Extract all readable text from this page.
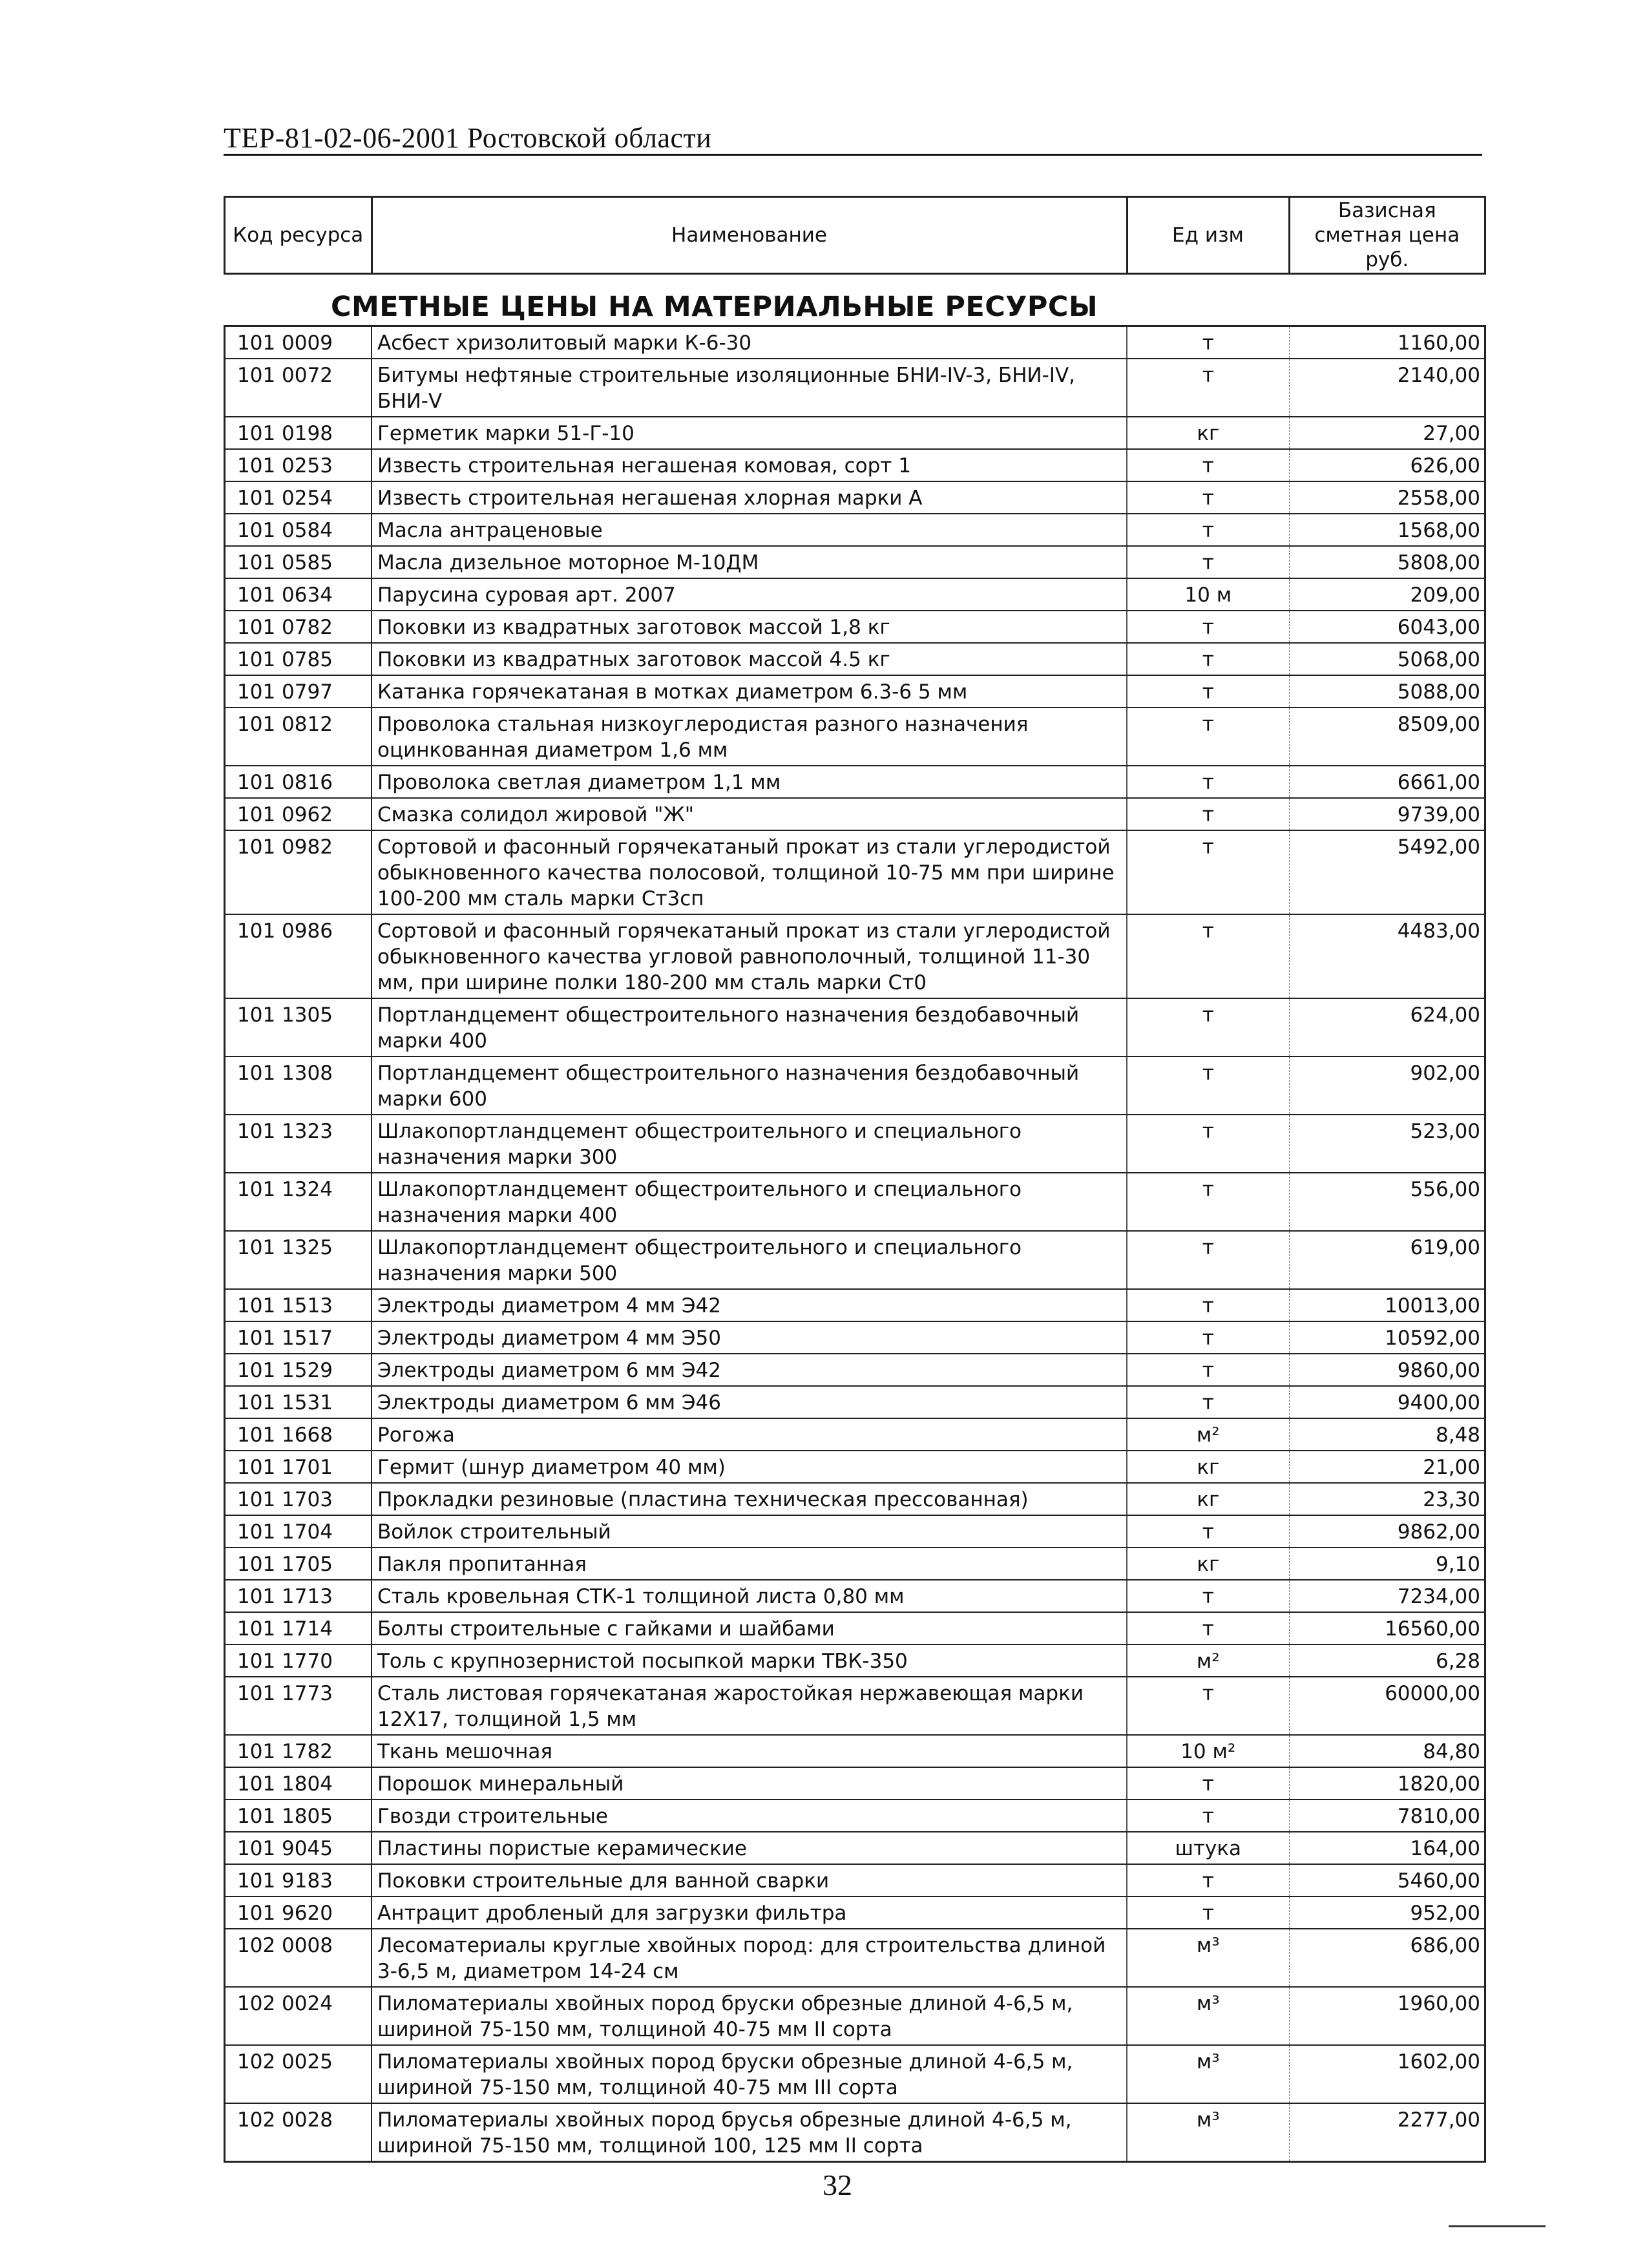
ТЕР-81-02-06-2001 Ростовской области
Код ресурса	Наименование	Ед изм	Базисная сметная цена руб.
СМЕТНЫЕ ЦЕНЫ НА МАТЕРИАЛЬНЫЕ РЕСУРСЫ
101 0009	Асбест хризолитовый марки К-6-30	т	1160,00
101 0072	Битумы нефтяные строительные изоляционные БНИ-IV-3, БНИ-IV, БНИ-V	т	2140,00
101 0198	Герметик марки 51-Г-10	кг	27,00
101 0253	Известь строительная негашеная комовая, сорт 1	т	626,00
101 0254	Известь строительная негашеная хлорная марки А	т	2558,00
101 0584	Масла антраценовые	т	1568,00
101 0585	Масла дизельное моторное М-10ДМ	т	5808,00
101 0634	Парусина суровая арт. 2007	10 м	209,00
101 0782	Поковки из квадратных заготовок массой 1,8 кг	т	6043,00
101 0785	Поковки из квадратных заготовок массой 4.5 кг	т	5068,00
101 0797	Катанка горячекатаная в мотках диаметром 6.3-6 5 мм	т	5088,00
101 0812	Проволока стальная низкоуглеродистая разного назначения оцинкованная диаметром 1,6 мм	т	8509,00
101 0816	Проволока светлая диаметром 1,1 мм	т	6661,00
101 0962	Смазка солидол жировой "Ж"	т	9739,00
101 0982	Сортовой и фасонный горячекатаный прокат из стали углеродистой обыкновенного качества полосовой, толщиной 10-75 мм при ширине 100-200 мм сталь марки Ст3сп	т	5492,00
101 0986	Сортовой и фасонный горячекатаный прокат из стали углеродистой обыкновенного качества угловой равнополочный, толщиной 11-30 мм, при ширине полки 180-200 мм сталь марки Ст0	т	4483,00
101 1305	Портландцемент общестроительного назначения бездобавочный марки 400	т	624,00
101 1308	Портландцемент общестроительного назначения бездобавочный марки 600	т	902,00
101 1323	Шлакопортландцемент общестроительного и специального назначения марки 300	т	523,00
101 1324	Шлакопортландцемент общестроительного и специального назначения марки 400	т	556,00
101 1325	Шлакопортландцемент общестроительного и специального назначения марки 500	т	619,00
101 1513	Электроды диаметром 4 мм Э42	т	10013,00
101 1517	Электроды диаметром 4 мм Э50	т	10592,00
101 1529	Электроды диаметром 6 мм Э42	т	9860,00
101 1531	Электроды диаметром 6 мм Э46	т	9400,00
101 1668	Рогожа	м²	8,48
101 1701	Гермит (шнур диаметром 40 мм)	кг	21,00
101 1703	Прокладки резиновые (пластина техническая прессованная)	кг	23,30
101 1704	Войлок строительный	т	9862,00
101 1705	Пакля пропитанная	кг	9,10
101 1713	Сталь кровельная СТК-1 толщиной листа 0,80 мм	т	7234,00
101 1714	Болты строительные с гайками и шайбами	т	16560,00
101 1770	Толь с крупнозернистой посыпкой марки ТВК-350	м²	6,28
101 1773	Сталь листовая горячекатаная жаростойкая нержавеющая марки 12Х17, толщиной 1,5 мм	т	60000,00
101 1782	Ткань мешочная	10 м²	84,80
101 1804	Порошок минеральный	т	1820,00
101 1805	Гвозди строительные	т	7810,00
101 9045	Пластины пористые керамические	штука	164,00
101 9183	Поковки строительные для ванной сварки	т	5460,00
101 9620	Антрацит дробленый для загрузки фильтра	т	952,00
102 0008	Лесоматериалы круглые хвойных пород: для строительства длиной 3-6,5 м, диаметром 14-24 см	м³	686,00
102 0024	Пиломатериалы хвойных пород бруски обрезные длиной 4-6,5 м, шириной 75-150 мм, толщиной 40-75 мм II сорта	м³	1960,00
102 0025	Пиломатериалы хвойных пород бруски обрезные длиной 4-6,5 м, шириной 75-150 мм, толщиной 40-75 мм III сорта	м³	1602,00
102 0028	Пиломатериалы хвойных пород брусья обрезные длиной 4-6,5 м, шириной 75-150 мм, толщиной 100, 125 мм II сорта	м³	2277,00
32
